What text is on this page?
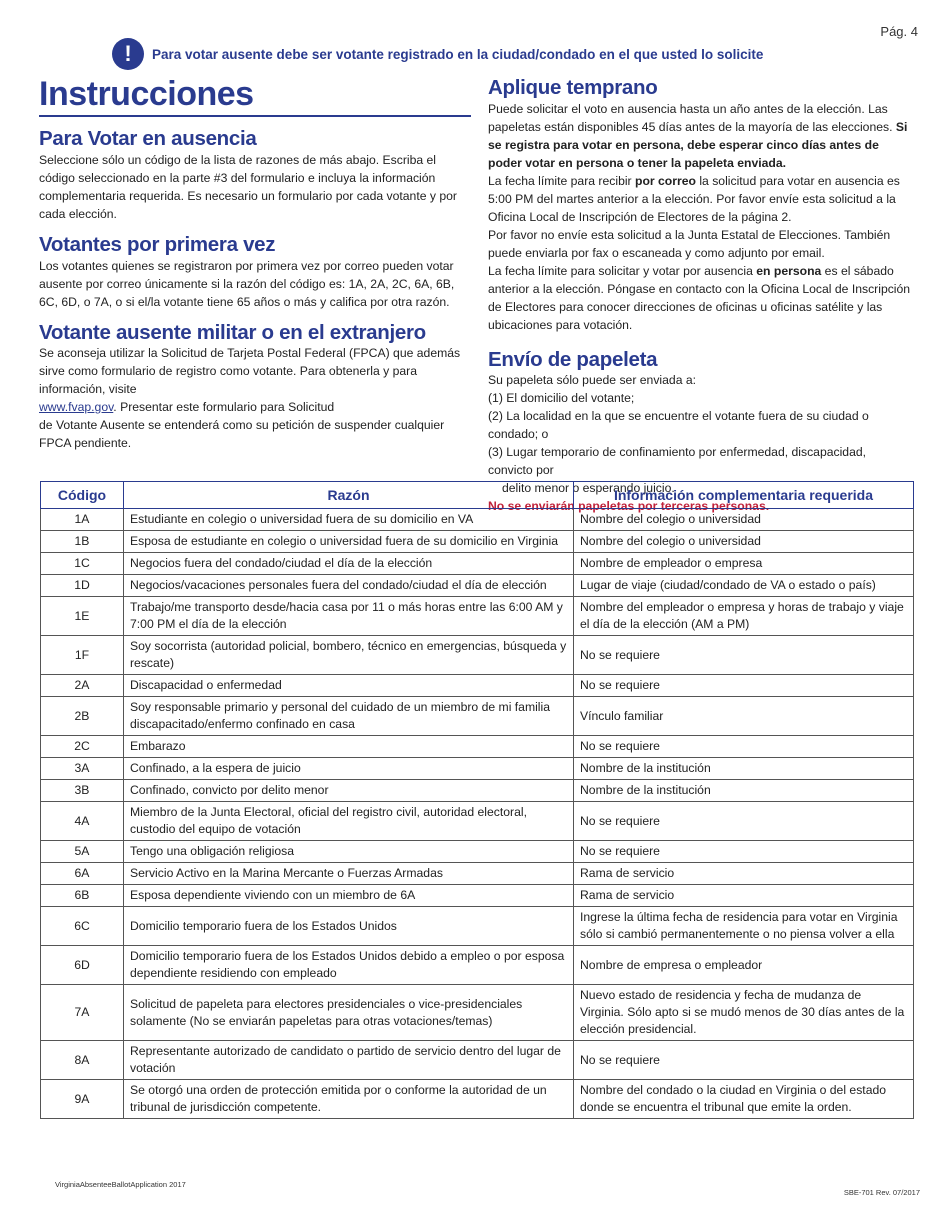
Pág. 4
!	Para votar ausente debe ser votante registrado en la ciudad/condado en el que usted lo solicite
Instrucciones
Para Votar en ausencia

Seleccione sólo un código de la lista de razones de más abajo. Escriba el código seleccionado en la parte #3 del formulario e incluya la información complementaria requerida. Es necesario un formulario por cada votante y por cada elección.

Votantes por primera vez

Los votantes quienes se registraron por primera vez por correo pueden votar ausente por correo únicamente si la razón del código es: 1A, 2A, 2C, 6A, 6B, 6C, 6D, o 7A, o si el/la votante tiene 65 años o más y califica por otra razón.

Votante ausente militar o en el extranjero

Se aconseja utilizar la Solicitud de Tarjeta Postal Federal (FPCA) que además sirve como formulario de registro como votante. Para obtenerla y para información, visite
www.fvap.gov. Presentar este formulario para Solicitud
de Votante Ausente se entenderá como su petición de suspender cualquier FPCA pendiente.

Aplique temprano

Puede solicitar el voto en ausencia hasta un año antes de la elección. Las papeletas están disponibles 45 días antes de la mayoría de las elecciones. Si se registra para votar en persona, debe esperar cinco días antes de poder votar en persona o tener la papeleta enviada.

La fecha límite para recibir por correo la solicitud para votar en ausencia es 5:00 PM del martes anterior a la elección. Por favor envíe esta solicitud a la Oficina Local de Inscripción de Electores de la página 2.

Por favor no envíe esta solicitud a la Junta Estatal de Elecciones. También puede enviarla por fax o escaneada y como adjunto por email.

La fecha límite para solicitar y votar por ausencia en persona es el sábado anterior a la elección. Póngase en contacto con la Oficina Local de Inscripción de Electores para conocer direcciones de oficinas u oficinas satélite y las ubicaciones para votación.

Envío de papeleta

Su papeleta sólo puede ser enviada a:

(1) El domicilio del votante;
(2) La localidad en la que se encuentre el votante fuera de su ciudad o condado; o
(3) Lugar temporario de confinamiento por enfermedad, discapacidad, convicto por
delito menor o esperando juicio.
No se enviarán papeletas por terceras personas.
Código	Razón	Información complementaria requerida
1A	Estudiante en colegio o universidad fuera de su domicilio en VA	Nombre del colegio o universidad
1B	Esposa de estudiante en colegio o universidad fuera de su domicilio en Virginia	Nombre del colegio o universidad
1C	Negocios fuera del condado/ciudad el día de la elección	Nombre de empleador o empresa
1D	Negocios/vacaciones personales fuera del condado/ciudad el día de elección	Lugar de viaje (ciudad/condado de VA o estado o país)
1E	Trabajo/me transporto desde/hacia casa por 11 o más horas entre las 6:00 AM y 7:00 PM el día de la elección	Nombre del empleador o empresa y horas de trabajo y viaje el día de la elección (AM a PM)
1F	Soy socorrista (autoridad policial, bombero, técnico en emergencias, búsqueda y rescate)	No se requiere
2A	Discapacidad o enfermedad	No se requiere
2B	Soy responsable primario y personal del cuidado de un miembro de mi familia discapacitado/enfermo confinado en casa	Vínculo familiar
2C	Embarazo	No se requiere
3A	Confinado, a la espera de juicio	Nombre de la institución
3B	Confinado, convicto por delito menor	Nombre de la institución
4A	Miembro de la Junta Electoral, oficial del registro civil, autoridad electoral, custodio del equipo de votación	No se requiere
5A	Tengo una obligación religiosa	No se requiere
6A	Servicio Activo en la Marina Mercante o Fuerzas Armadas	Rama de servicio
6B	Esposa dependiente viviendo con un miembro de 6A	Rama de servicio
6C	Domicilio temporario fuera de los Estados Unidos	Ingrese la última fecha de residencia para votar en Virginia sólo si cambió permanentemente o no piensa volver a ella
6D	Domicilio temporario fuera de los Estados Unidos debido a empleo o por esposa dependiente residiendo con empleado	Nombre de empresa o empleador
7A	Solicitud de papeleta para electores presidenciales o vice-presidenciales solamente (No se enviarán papeletas para otras votaciones/temas)	Nuevo estado de residencia y fecha de mudanza de Virginia. Sólo apto si se mudó menos de 30 días antes de la elección presidencial.
8A	Representante autorizado de candidato o partido de servicio dentro del lugar de votación	No se requiere
9A	Se otorgó una orden de protección emitida por o conforme la autoridad de un tribunal de jurisdicción competente.	Nombre del condado o la ciudad en Virginia o del estado donde se encuentra el tribunal que emite la orden.
VirginiaAbsenteeBallotApplication 2017
SBE-701 Rev. 07/2017
